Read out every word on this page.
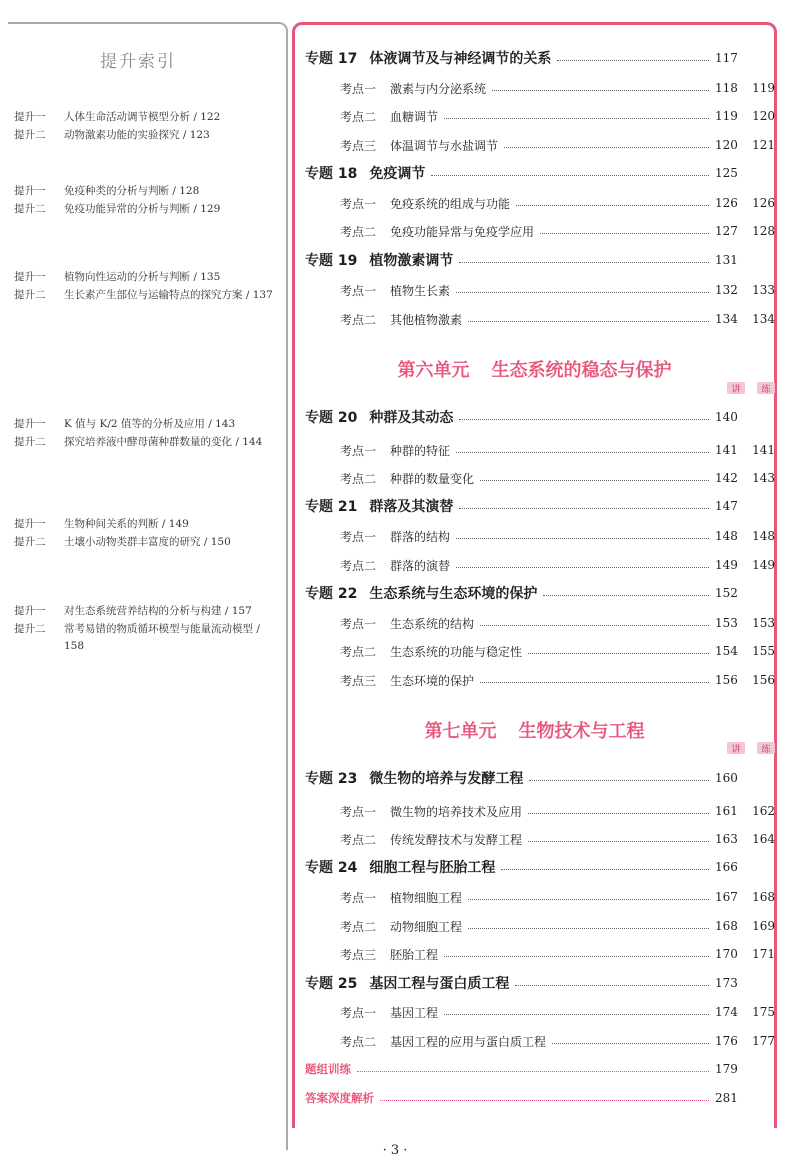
提升索引
提升一 人体生命活动调节模型分析 / 122
提升二 动物激素功能的实验探究 / 123
提升一 免疫种类的分析与判断 / 128
提升二 免疫功能异常的分析与判断 / 129
提升一 植物向性运动的分析与判断 / 135
提升二 生长素产生部位与运输特点的探究方案 / 137
提升一 K 值与 K/2 值等的分析及应用 / 143
提升二 探究培养液中酵母菌种群数量的变化 / 144
提升一 生物种间关系的判断 / 149
提升二 土壤小动物类群丰富度的研究 / 150
提升一 对生态系统营养结构的分析与构建 / 157
提升二 常考易错的物质循环模型与能量流动模型 / 158
专题 17 体液调节及与神经调节的关系	117
考点一 激素与内分泌系统	118	119
考点二 血糖调节	119	120
考点三 体温调节与水盐调节	120	121
专题 18 免疫调节	125
考点一 免疫系统的组成与功能	126	126
考点二 免疫功能异常与免疫学应用	127	128
专题 19 植物激素调节	131
考点一 植物生长素	132	133
考点二 其他植物激素	134	134
第六单元 生态系统的稳态与保护
讲	练
专题 20 种群及其动态	140
考点一 种群的特征	141	141
考点二 种群的数量变化	142	143
专题 21 群落及其演替	147
考点一 群落的结构	148	148
考点二 群落的演替	149	149
专题 22 生态系统与生态环境的保护	152
考点一 生态系统的结构	153	153
考点二 生态系统的功能与稳定性	154	155
考点三 生态环境的保护	156	156
第七单元 生物技术与工程
讲	练
专题 23 微生物的培养与发酵工程	160
考点一 微生物的培养技术及应用	161	162
考点二 传统发酵技术与发酵工程	163	164
专题 24 细胞工程与胚胎工程	166
考点一 植物细胞工程	167	168
考点二 动物细胞工程	168	169
考点三 胚胎工程	170	171
专题 25 基因工程与蛋白质工程	173
考点一 基因工程	174	175
考点二 基因工程的应用与蛋白质工程	176	177
题组训练	179
答案深度解析	281
· 3 ·
